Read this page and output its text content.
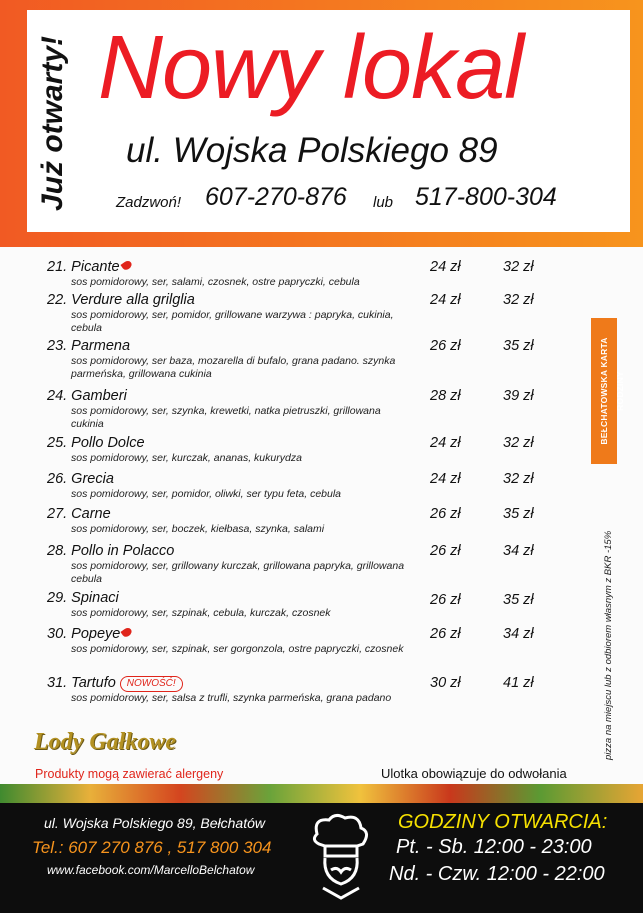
Już otwarty! Nowy lokal
ul. Wojska Polskiego 89
Zadzwoń! 607-270-876 lub 517-800-304
21. Picante
sos pomidorowy, ser, salami, czosnek, ostre papryczki, cebula
24 zł	32 zł
22. Verdure alla grilglia
sos pomidorowy, ser, pomidor, grillowane warzywa : papryka, cukinia, cebula
24 zł	32 zł
23. Parmena
sos pomidorowy, ser baza, mozarella di bufalo, grana padano. szynka parmeńska, grillowana cukinia
26 zł	35 zł
24. Gamberi
sos pomidorowy, ser, szynka, krewetki, natka pietruszki, grillowana cukinia
28 zł	39 zł
25. Pollo Dolce
sos pomidorowy, ser, kurczak, ananas, kukurydza
24 zł	32 zł
26. Grecia
sos pomidorowy, ser, pomidor, oliwki, ser typu feta, cebula
24 zł	32 zł
27. Carne
sos pomidorowy, ser, boczek, kiełbasa, szynka, salami
26 zł	35 zł
28. Pollo in Polacco
sos pomidorowy, ser, grillowany kurczak, grillowana papryka, grillowana cebula
26 zł	34 zł
29. Spinaci
sos pomidorowy, ser, szpinak, cebula, kurczak, czosnek
26 zł	35 zł
30. Popeye
sos pomidorowy, ser, szpinak, ser gorgonzola, ostre papryczki, czosnek
26 zł	34 zł
31. Tartufo NOWOŚĆ!
sos pomidorowy, ser, salsa z trufli, szynka parmeńska, grana padano
30 zł	41 zł
BEŁCHATOWSKA KARTA RODZINY
pizza na miejscu lub z odbiorem własnym z BKR -15%
Lody Gałkowe
Produkty mogą zawierać alergeny	Ulotka obowiązuje do odwołania
ul. Wojska Polskiego 89, Bełchatów
Tel.: 607 270 876 , 517 800 304
www.facebook.com/MarcelloBelchatow
GODZINY OTWARCIA:
Pt. - Sb. 12:00 - 23:00
Nd. - Czw. 12:00 - 22:00
